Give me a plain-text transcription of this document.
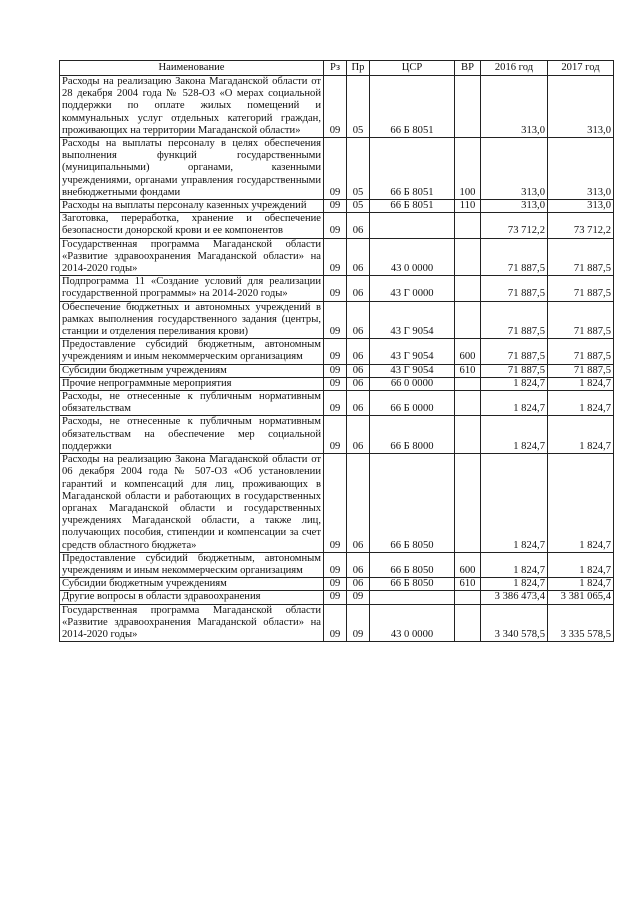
Наименование	Рз	Пр	ЦСР	ВР	2016 год	2017 год
Расходы на реализацию Закона Магаданской области от 28 декабря 2004 года № 528-ОЗ «О мерах социальной поддержки по оплате жилых помещений и коммунальных услуг отдельных категорий граждан, проживающих на территории Магаданской области»	09	05	66 Б 8051		313,0	313,0
Расходы на выплаты персоналу в целях обеспечения выполнения функций государственными (муниципальными) органами, казенными учреждениями, органами управления государственными внебюджетными фондами	09	05	66 Б 8051	100	313,0	313,0
Расходы на выплаты персоналу казенных учреждений	09	05	66 Б 8051	110	313,0	313,0
Заготовка, переработка, хранение и обеспечение безопасности донорской крови и ее компонентов	09	06			73 712,2	73 712,2
Государственная программа Магаданской области «Развитие здравоохранения Магаданской области» на 2014-2020 годы»	09	06	43 0 0000		71 887,5	71 887,5
Подпрограмма 11 «Создание условий для реализации государственной программы» на 2014-2020 годы»	09	06	43 Г 0000		71 887,5	71 887,5
Обеспечение бюджетных и автономных учреждений в рамках выполнения государственного задания (центры, станции и отделения переливания крови)	09	06	43 Г 9054		71 887,5	71 887,5
Предоставление субсидий бюджетным, автономным учреждениям и иным некоммерческим организациям	09	06	43 Г 9054	600	71 887,5	71 887,5
Субсидии бюджетным учреждениям	09	06	43 Г 9054	610	71 887,5	71 887,5
Прочие непрограммные мероприятия	09	06	66 0 0000		1 824,7	1 824,7
Расходы, не отнесенные к публичным нормативным обязательствам	09	06	66 Б 0000		1 824,7	1 824,7
Расходы, не отнесенные к публичным нормативным обязательствам на обеспечение мер социальной поддержки	09	06	66 Б 8000		1 824,7	1 824,7
Расходы на реализацию Закона Магаданской области от 06 декабря 2004 года № 507-ОЗ «Об установлении гарантий и компенсаций для лиц, проживающих в Магаданской области и работающих в государственных органах Магаданской области и государственных учреждениях Магаданской области, а также лиц, получающих пособия, стипендии и компенсации за счет средств областного бюджета»	09	06	66 Б 8050		1 824,7	1 824,7
Предоставление субсидий бюджетным, автономным учреждениям и иным некоммерческим организациям	09	06	66 Б 8050	600	1 824,7	1 824,7
Субсидии бюджетным учреждениям	09	06	66 Б 8050	610	1 824,7	1 824,7
Другие вопросы в области здравоохранения	09	09			3 386 473,4	3 381 065,4
Государственная программа Магаданской области «Развитие здравоохранения Магаданской области» на 2014-2020 годы»	09	09	43 0 0000		3 340 578,5	3 335 578,5
